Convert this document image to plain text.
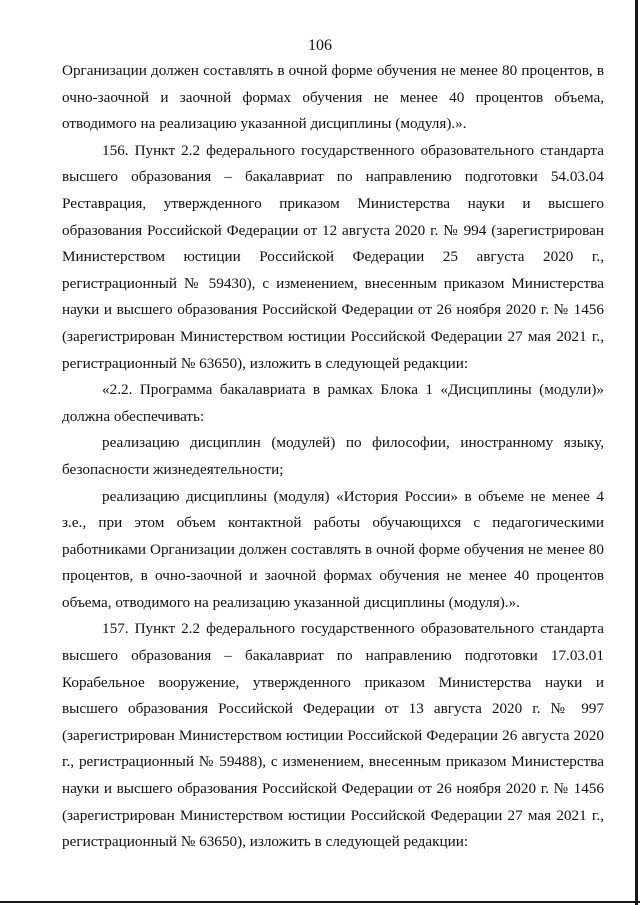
106

Организации должен составлять в очной форме обучения не менее 80 процентов, в очно-заочной и заочной формах обучения не менее 40 процентов объема, отводимого на реализацию указанной дисциплины (модуля).».

156. Пункт 2.2 федерального государственного образовательного стандарта высшего образования – бакалавриат по направлению подготовки 54.03.04 Реставрация, утвержденного приказом Министерства науки и высшего образования Российской Федерации от 12 августа 2020 г. № 994 (зарегистрирован Министерством юстиции Российской Федерации 25 августа 2020 г., регистрационный № 59430), с изменением, внесенным приказом Министерства науки и высшего образования Российской Федерации от 26 ноября 2020 г. № 1456 (зарегистрирован Министерством юстиции Российской Федерации 27 мая 2021 г., регистрационный № 63650), изложить в следующей редакции:

«2.2. Программа бакалавриата в рамках Блока 1 «Дисциплины (модули)» должна обеспечивать:

реализацию дисциплин (модулей) по философии, иностранному языку, безопасности жизнедеятельности;

реализацию дисциплины (модуля) «История России» в объеме не менее 4 з.е., при этом объем контактной работы обучающихся с педагогическими работниками Организации должен составлять в очной форме обучения не менее 80 процентов, в очно-заочной и заочной формах обучения не менее 40 процентов объема, отводимого на реализацию указанной дисциплины (модуля).».

157. Пункт 2.2 федерального государственного образовательного стандарта высшего образования – бакалавриат по направлению подготовки 17.03.01 Корабельное вооружение, утвержденного приказом Министерства науки и высшего образования Российской Федерации от 13 августа 2020 г. № 997 (зарегистрирован Министерством юстиции Российской Федерации 26 августа 2020 г., регистрационный № 59488), с изменением, внесенным приказом Министерства науки и высшего образования Российской Федерации от 26 ноября 2020 г. № 1456 (зарегистрирован Министерством юстиции Российской Федерации 27 мая 2021 г., регистрационный № 63650), изложить в следующей редакции:
